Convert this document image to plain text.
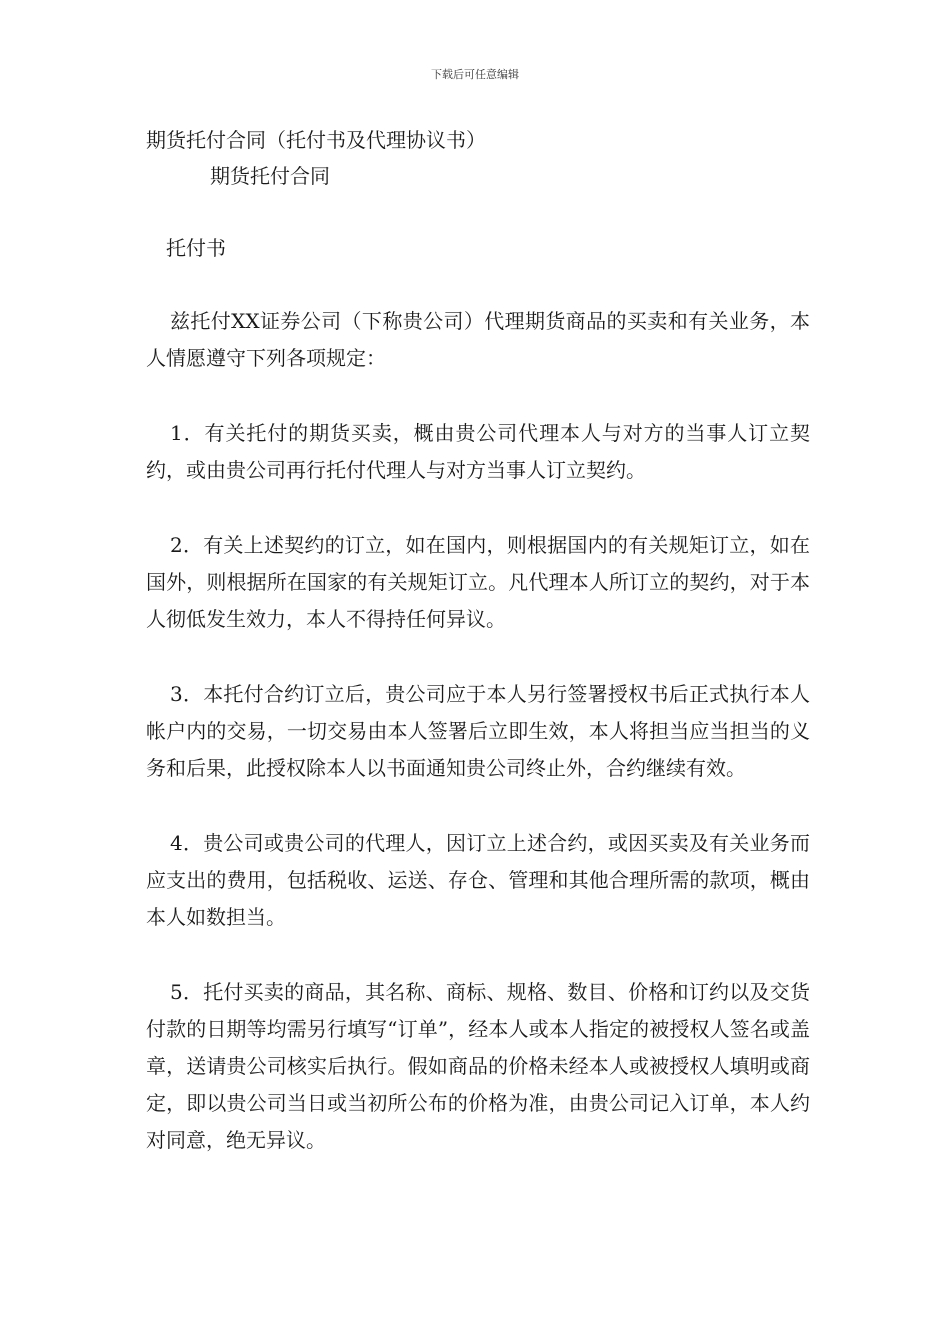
下载后可任意编辑

期货托付合同（托付书及代理协议书）

期货托付合同

托付书

兹托付XX证券公司（下称贵公司）代理期货商品的买卖和有关业务，本人情愿遵守下列各项规定：

1．有关托付的期货买卖，概由贵公司代理本人与对方的当事人订立契约，或由贵公司再行托付代理人与对方当事人订立契约。

2．有关上述契约的订立，如在国内，则根据国内的有关规矩订立，如在国外，则根据所在国家的有关规矩订立。凡代理本人所订立的契约，对于本人彻低发生效力，本人不得持任何异议。

3．本托付合约订立后，贵公司应于本人另行签署授权书后正式执行本人帐户内的交易，一切交易由本人签署后立即生效，本人将担当应当担当的义务和后果，此授权除本人以书面通知贵公司终止外，合约继续有效。

4．贵公司或贵公司的代理人，因订立上述合约，或因买卖及有关业务而应支出的费用，包括税收、运送、存仓、管理和其他合理所需的款项，概由本人如数担当。

5．托付买卖的商品，其名称、商标、规格、数目、价格和订约以及交货付款的日期等均需另行填写“订单”，经本人或本人指定的被授权人签名或盖章，送请贵公司核实后执行。假如商品的价格未经本人或被授权人填明或商定，即以贵公司当日或当初所公布的价格为准，由贵公司记入订单，本人约对同意，绝无异议。
